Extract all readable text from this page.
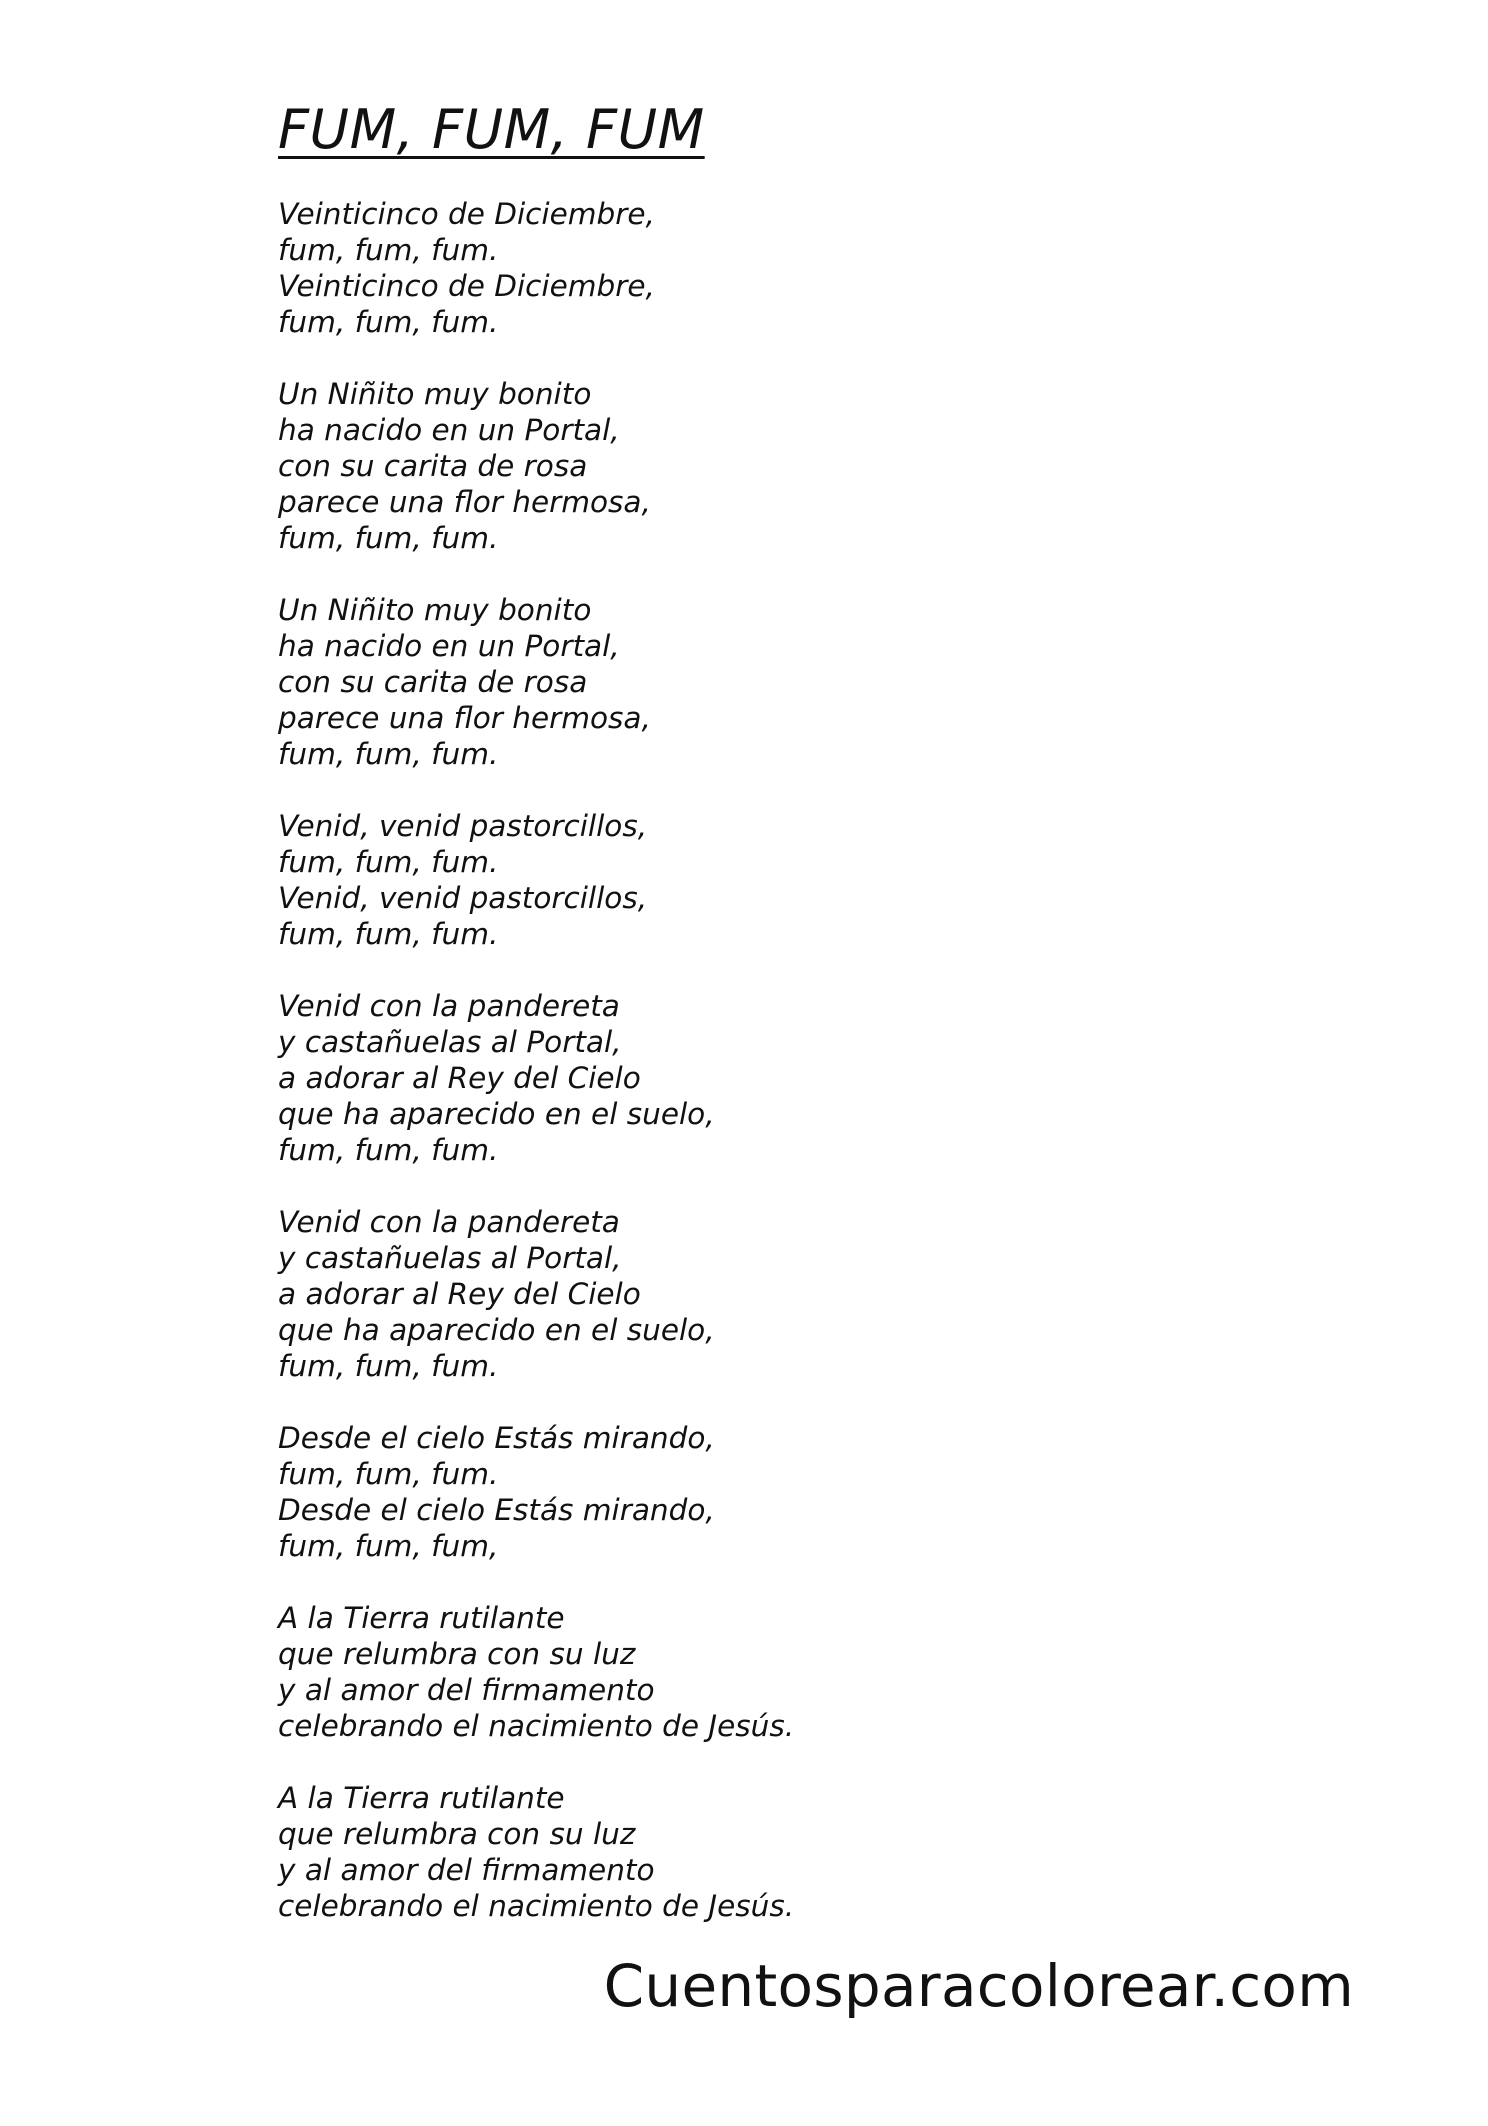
FUM, FUM, FUM
Veinticinco de Diciembre,
fum, fum, fum.
Veinticinco de Diciembre,
fum, fum, fum.
Un Niñito muy bonito
ha nacido en un Portal,
con su carita de rosa
parece una flor hermosa,
fum, fum, fum.
Un Niñito muy bonito
ha nacido en un Portal,
con su carita de rosa
parece una flor hermosa,
fum, fum, fum.
Venid, venid pastorcillos,
fum, fum, fum.
Venid, venid pastorcillos,
fum, fum, fum.
Venid con la pandereta
y castañuelas al Portal,
a adorar al Rey del Cielo
que ha aparecido en el suelo,
fum, fum, fum.
Venid con la pandereta
y castañuelas al Portal,
a adorar al Rey del Cielo
que ha aparecido en el suelo,
fum, fum, fum.
Desde el cielo Estás mirando,
fum, fum, fum.
Desde el cielo Estás mirando,
fum, fum, fum,
A la Tierra rutilante
que relumbra con su luz
y al amor del firmamento
celebrando el nacimiento de Jesús.
A la Tierra rutilante
que relumbra con su luz
y al amor del firmamento
celebrando el nacimiento de Jesús.
Cuentosparacolorear.com
